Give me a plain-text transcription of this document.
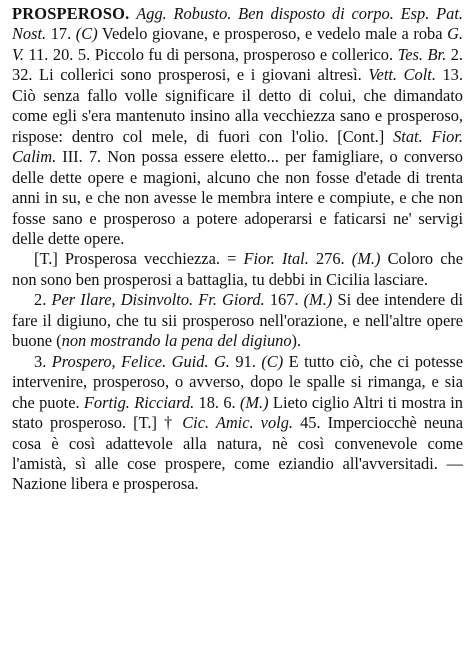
PROSPEROSO. Agg. Robusto. Ben disposto di corpo. Esp. Pat. Nost. 17. (C) Vedelo giovane, e prosperoso, e vedelo male a roba G. V. 11. 20. 5. Piccolo fu di persona, prosperoso e collerico. Tes. Br. 2. 32. Li collerici sono prosperosi, e i giovani altresì. Vett. Colt. 13. Ciò senza fallo volle significare il detto di colui, che dimandato come egli s'era mantenuto insino alla vecchiezza sano e prosperoso, rispose: dentro col mele, di fuori con l'olio. [Cont.] Stat. Fior. Calim. III. 7. Non possa essere eletto... per famigliare, o converso delle dette opere e magioni, alcuno che non fosse d'etade di trenta anni in su, e che non avesse le membra intere e compiute, e che non fosse sano e prosperoso a potere adoperarsi e faticarsi ne' servigi delle dette opere.

[T.] Prosperosa vecchiezza. = Fior. Ital. 276. (M.) Coloro che non sono ben prosperosi a battaglia, tu debbi in Cicilia lasciare.

2. Per Ilare, Disinvolto. Fr. Giord. 167. (M.) Si dee intendere di fare il digiuno, che tu sii prosperoso nell'orazione, e nell'altre opere buone (non mostrando la pena del digiuno).

3. Prospero, Felice. Guid. G. 91. (C) E tutto ciò, che ci potesse intervenire, prosperoso, o avverso, dopo le spalle si rimanga, e sia che puote. Fortig. Ricciard. 18. 6. (M.) Lieto ciglio Altri ti mostra in stato prosperoso. [T.] † Cic. Amic. volg. 45. Imperciocchè neuna cosa è così adattevole alla natura, nè così convenevole come l'amistà, sì alle cose prospere, come eziandio all'avversitadi. — Nazione libera e prosperosa.
